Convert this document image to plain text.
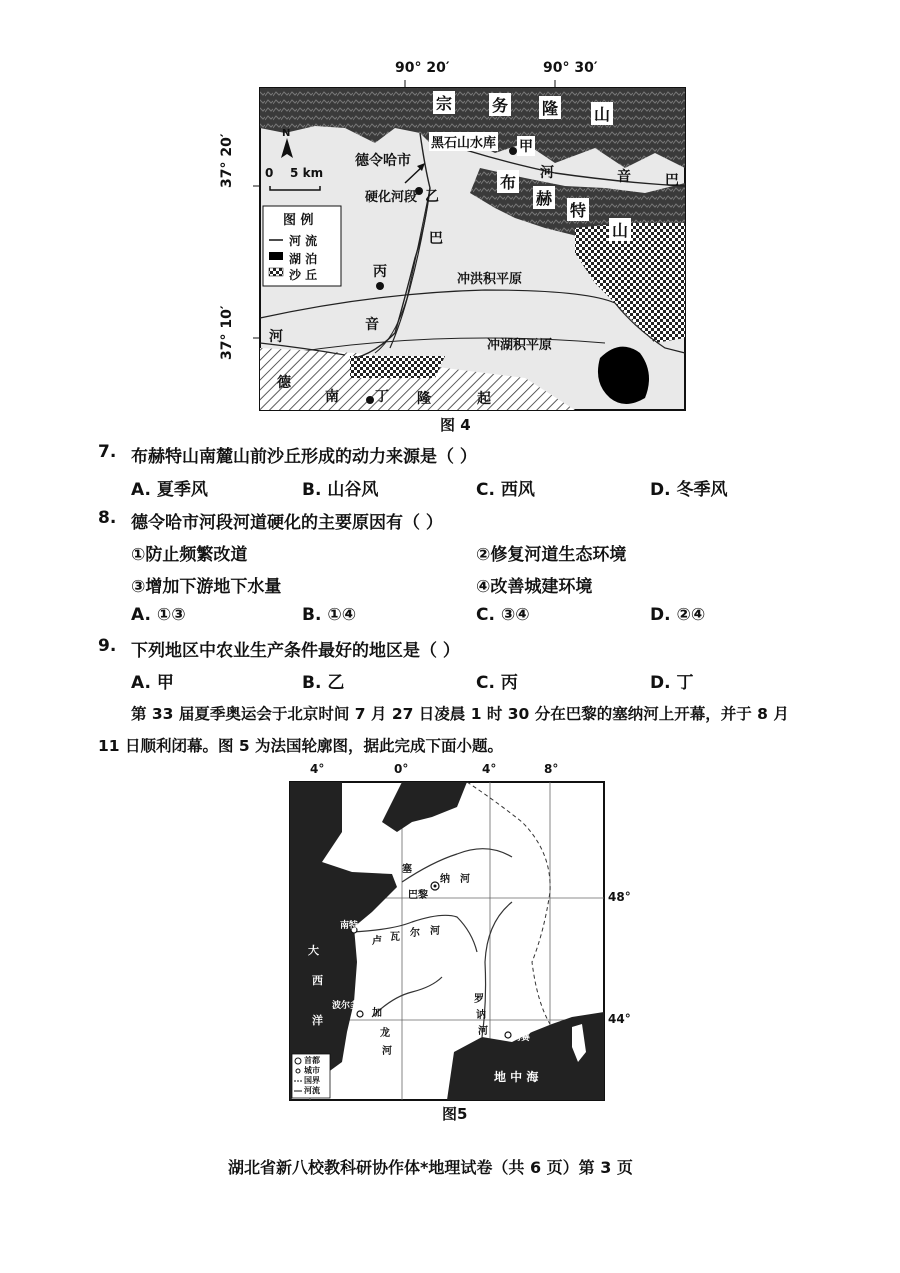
90° 20′	90° 30′
37° 20′
37° 10′
N
0    5 km
宗 务 隆 山
布
赫
特
山
黑石山水库 甲
德令哈市
硬化河段 乙
丙
丁
冲洪积平原
冲湖积平原
河	音 巴
巴
音
河
德
南	隆	起
图 例
河 流
湖 泊
沙 丘
图 4
7. 布赫特山南麓山前沙丘形成的动力来源是（ ）
A. 夏季风	B. 山谷风	C. 西风	D. 冬季风
8. 德令哈市河段河道硬化的主要原因有（ ）
①防止频繁改道	②修复河道生态环境
③增加下游地下水量	④改善城建环境
A. ①③	B. ①④	C. ③④	D. ②④
9. 下列地区中农业生产条件最好的地区是（ ）
A. 甲	B. 乙	C. 丙	D. 丁
第 33 届夏季奥运会于北京时间 7 月 27 日凌晨 1 时 30 分在巴黎的塞纳河上开幕，并于 8 月
11 日顺利闭幕。图 5 为法国轮廓图，据此完成下面小题。
4°	0°	4°	8°
48°
44°
巴黎
南特
波尔多
马赛
塞
纳 河
卢 瓦 尔 河
加
龙
河
罗
讷
河
大
西
洋
地 中 海
首都
城市
国界
河流
图5
湖北省新八校教科研协作体*地理试卷（共 6 页）第 3 页
